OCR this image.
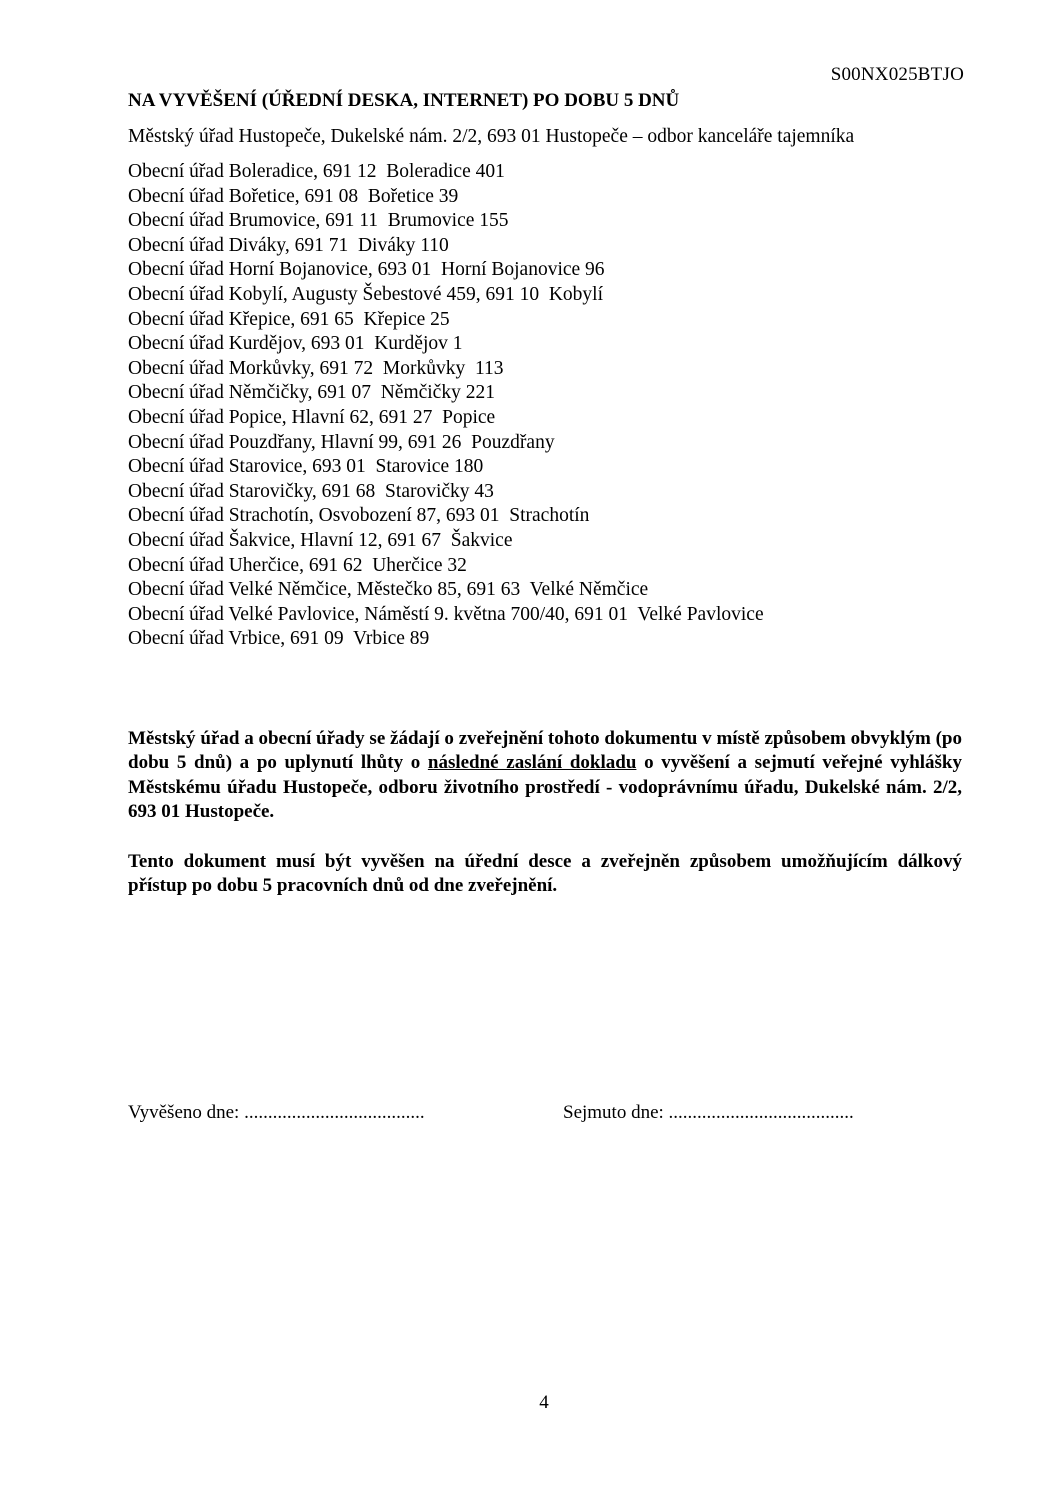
S00NX025BTJO
NA VYVĚŠENÍ (ÚŘEDNÍ DESKA, INTERNET) PO DOBU 5 DNŮ
Městský úřad Hustopeče, Dukelské nám. 2/2, 693 01 Hustopeče – odbor kanceláře tajemníka
Obecní úřad Boleradice, 691 12  Boleradice 401
Obecní úřad Bořetice, 691 08  Bořetice 39
Obecní úřad Brumovice, 691 11  Brumovice 155
Obecní úřad Diváky, 691 71  Diváky 110
Obecní úřad Horní Bojanovice, 693 01  Horní Bojanovice 96
Obecní úřad Kobylí, Augusty Šebestové 459, 691 10  Kobylí
Obecní úřad Křepice, 691 65  Křepice 25
Obecní úřad Kurdějov, 693 01  Kurdějov 1
Obecní úřad Morkůvky, 691 72  Morkůvky  113
Obecní úřad Němčičky, 691 07  Němčičky 221
Obecní úřad Popice, Hlavní 62, 691 27  Popice
Obecní úřad Pouzdřany, Hlavní 99, 691 26  Pouzdřany
Obecní úřad Starovice, 693 01  Starovice 180
Obecní úřad Starovičky, 691 68  Starovičky 43
Obecní úřad Strachotín, Osvobození 87, 693 01  Strachotín
Obecní úřad Šakvice, Hlavní 12, 691 67  Šakvice
Obecní úřad Uherčice, 691 62  Uherčice 32
Obecní úřad Velké Němčice, Městečko 85, 691 63  Velké Němčice
Obecní úřad Velké Pavlovice, Náměstí 9. května 700/40, 691 01  Velké Pavlovice
Obecní úřad Vrbice, 691 09  Vrbice 89

Městský úřad a obecní úřady se žádají o zveřejnění tohoto dokumentu v místě způsobem obvyklým (po dobu 5 dnů) a po uplynutí lhůty o následné zaslání dokladu o vyvěšení a sejmutí veřejné vyhlášky Městskému úřadu Hustopeče, odboru životního prostředí - vodoprávnímu úřadu, Dukelské nám. 2/2, 693 01 Hustopeče.

Tento dokument musí být vyvěšen na úřední desce a zveřejněn způsobem umožňujícím dálkový přístup po dobu 5 pracovních dnů od dne zveřejnění.

Vyvěšeno dne: ......................................	Sejmuto dne: .......................................
4
